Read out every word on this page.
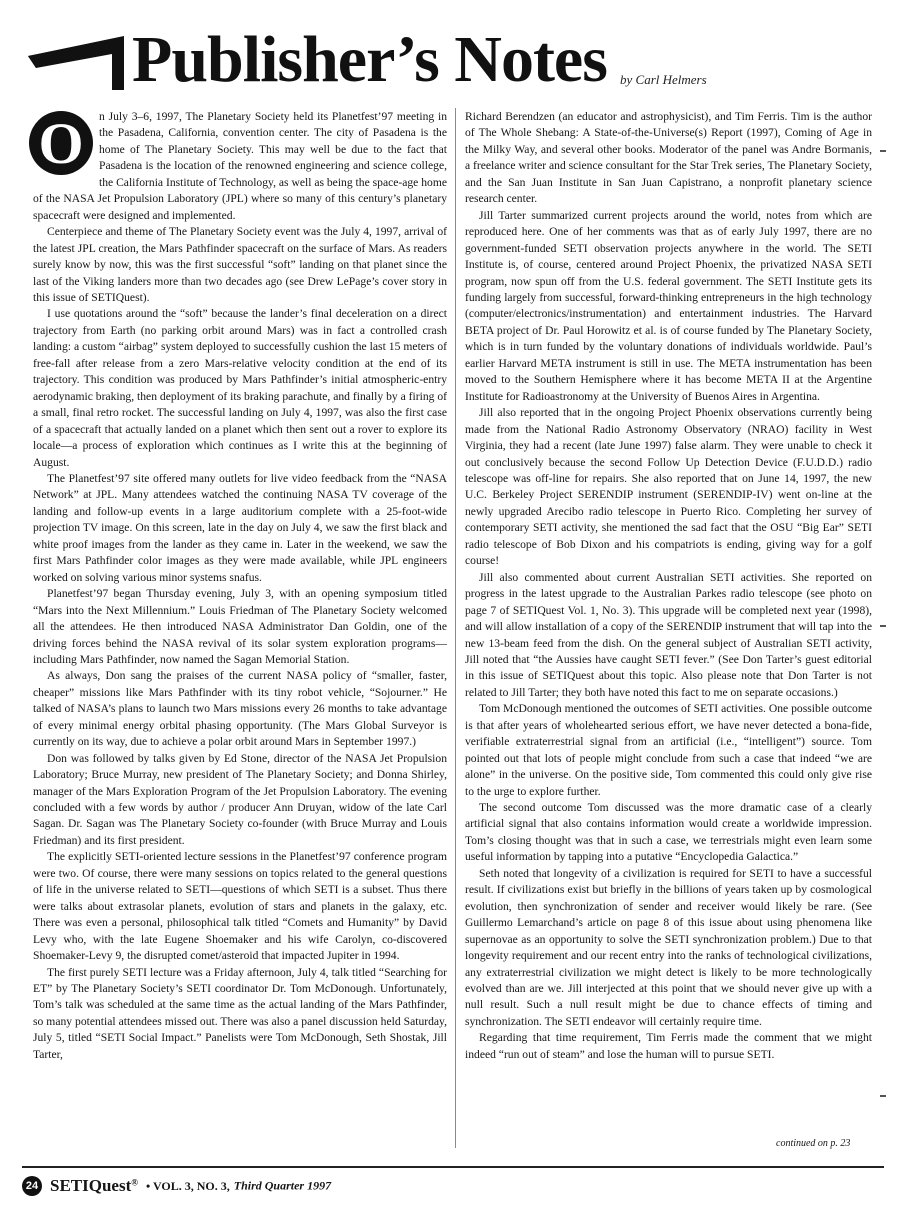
Publisher’s Notes by Carl Helmers

O	n July 3–6, 1997, The Planetary Society held its Planetfest’97 meeting in the Pasadena, California, convention center. The city of Pasadena is the home of The Planetary Society. This may well be due to the fact that Pasadena is the location of the renowned engineering and science college, the California Institute of Technology, as well as being the space-age home of the NASA Jet Propulsion Laboratory (JPL) where so many of this century’s planetary spacecraft were designed and implemented.

Centerpiece and theme of The Planetary Society event was the July 4, 1997, arrival of the latest JPL creation, the Mars Pathfinder spacecraft on the surface of Mars. As readers surely know by now, this was the first successful “soft” landing on that planet since the last of the Viking landers more than two decades ago (see Drew LePage’s cover story in this issue of SETIQuest).

I use quotations around the “soft” because the lander’s final deceleration on a direct trajectory from Earth (no parking orbit around Mars) was in fact a controlled crash landing: a custom “airbag” system deployed to successfully cushion the last 15 meters of free-fall after release from a zero Mars-relative velocity condition at the end of its trajectory. This condition was produced by Mars Pathfinder’s initial atmospheric-entry aerodynamic braking, then deployment of its braking parachute, and finally by a firing of a small, final retro rocket. The successful landing on July 4, 1997, was also the first case of a spacecraft that actually landed on a planet which then sent out a rover to explore its locale—a process of exploration which continues as I write this at the beginning of August.

The Planetfest’97 site offered many outlets for live video feedback from the “NASA Network” at JPL. Many attendees watched the continuing NASA TV coverage of the landing and follow-up events in a large auditorium complete with a 25-foot-wide projection TV image. On this screen, late in the day on July 4, we saw the first black and white proof images from the lander as they came in. Later in the weekend, we saw the first Mars Pathfinder color images as they were made available, while JPL engineers worked on solving various minor systems snafus.

Planetfest’97 began Thursday evening, July 3, with an opening symposium titled “Mars into the Next Millennium.” Louis Friedman of The Planetary Society welcomed all the attendees. He then introduced NASA Administrator Dan Goldin, one of the driving forces behind the NASA revival of its solar system exploration programs—including Mars Pathfinder, now named the Sagan Memorial Station.

As always, Don sang the praises of the current NASA policy of “smaller, faster, cheaper” missions like Mars Pathfinder with its tiny robot vehicle, “Sojourner.” He talked of NASA’s plans to launch two Mars missions every 26 months to take advantage of every minimal energy orbital phasing opportunity. (The Mars Global Surveyor is currently on its way, due to achieve a polar orbit around Mars in September 1997.)

Don was followed by talks given by Ed Stone, director of the NASA Jet Propulsion Laboratory; Bruce Murray, new president of The Planetary Society; and Donna Shirley, manager of the Mars Exploration Program of the Jet Propulsion Laboratory. The evening concluded with a few words by author / producer Ann Druyan, widow of the late Carl Sagan. Dr. Sagan was The Planetary Society co-founder (with Bruce Murray and Louis Friedman) and its first president.

The explicitly SETI-oriented lecture sessions in the Planetfest’97 conference program were two. Of course, there were many sessions on topics related to the general questions of life in the universe related to SETI—questions of which SETI is a subset. Thus there were talks about extrasolar planets, evolution of stars and planets in the galaxy, etc. There was even a personal, philosophical talk titled “Comets and Humanity” by David Levy who, with the late Eugene Shoemaker and his wife Carolyn, co-discovered Shoemaker-Levy 9, the disrupted comet/asteroid that impacted Jupiter in 1994.

The first purely SETI lecture was a Friday afternoon, July 4, talk titled “Searching for ET” by The Planetary Society’s SETI coordinator Dr. Tom McDonough. Unfortunately, Tom’s talk was scheduled at the same time as the actual landing of the Mars Pathfinder, so many potential attendees missed out. There was also a panel discussion held Saturday, July 5, titled “SETI Social Impact.” Panelists were Tom McDonough, Seth Shostak, Jill Tarter,

Richard Berendzen (an educator and astrophysicist), and Tim Ferris. Tim is the author of The Whole Shebang: A State-of-the-Universe(s) Report (1997), Coming of Age in the Milky Way, and several other books. Moderator of the panel was Andre Bormanis, a freelance writer and science consultant for the Star Trek series, The Planetary Society, and the San Juan Institute in San Juan Capistrano, a nonprofit planetary science research center.

Jill Tarter summarized current projects around the world, notes from which are reproduced here. One of her comments was that as of early July 1997, there are no government-funded SETI observation projects anywhere in the world. The SETI Institute is, of course, centered around Project Phoenix, the privatized NASA SETI program, now spun off from the U.S. federal government. The SETI Institute gets its funding largely from successful, forward-thinking entrepreneurs in the high technology (computer/electronics/instrumentation) and entertainment industries. The Harvard BETA project of Dr. Paul Horowitz et al. is of course funded by The Planetary Society, which is in turn funded by the voluntary donations of individuals worldwide. Paul’s earlier Harvard META instrument is still in use. The META instrumentation has been moved to the Southern Hemisphere where it has become META II at the Argentine Institute for Radioastronomy at the University of Buenos Aires in Argentina.

Jill also reported that in the ongoing Project Phoenix observations currently being made from the National Radio Astronomy Observatory (NRAO) facility in West Virginia, they had a recent (late June 1997) false alarm. They were unable to check it out conclusively because the second Follow Up Detection Device (F.U.D.D.) radio telescope was off-line for repairs. She also reported that on June 14, 1997, the new U.C. Berkeley Project SERENDIP instrument (SERENDIP-IV) went on-line at the newly upgraded Arecibo radio telescope in Puerto Rico. Completing her survey of contemporary SETI activity, she mentioned the sad fact that the OSU “Big Ear” SETI radio telescope of Bob Dixon and his compatriots is ending, giving way for a golf course!

Jill also commented about current Australian SETI activities. She reported on progress in the latest upgrade to the Australian Parkes radio telescope (see photo on page 7 of SETIQuest Vol. 1, No. 3). This upgrade will be completed next year (1998), and will allow installation of a copy of the SERENDIP instrument that will tap into the new 13-beam feed from the dish. On the general subject of Australian SETI activity, Jill noted that “the Aussies have caught SETI fever.” (See Don Tarter’s guest editorial in this issue of SETIQuest about this topic. Also please note that Don Tarter is not related to Jill Tarter; they both have noted this fact to me on separate occasions.)

Tom McDonough mentioned the outcomes of SETI activities. One possible outcome is that after years of wholehearted serious effort, we have never detected a bona-fide, verifiable extraterrestrial signal from an artificial (i.e., “intelligent”) source. Tom pointed out that lots of people might conclude from such a case that indeed “we are alone” in the universe. On the positive side, Tom commented this could only give rise to the urge to explore further.

The second outcome Tom discussed was the more dramatic case of a clearly artificial signal that also contains information would create a worldwide impression. Tom’s closing thought was that in such a case, we terrestrials might even learn some useful information by tapping into a putative “Encyclopedia Galactica.”

Seth noted that longevity of a civilization is required for SETI to have a successful result. If civilizations exist but briefly in the billions of years taken up by cosmological evolution, then synchronization of sender and receiver would likely be rare. (See Guillermo Lemarchand’s article on page 8 of this issue about using phenomena like supernovae as an opportunity to solve the SETI synchronization problem.) Due to that longevity requirement and our recent entry into the ranks of technological civilizations, any extraterrestrial civilization we might detect is likely to be more technologically evolved than are we. Jill interjected at this point that we should never give up with a null result. Such a null result might be due to chance effects of timing and synchronization. The SETI endeavor will certainly require time.

Regarding that time requirement, Tim Ferris made the comment that we might indeed “run out of steam” and lose the human will to pursue SETI.

continued on p. 23
24 SETIQuest® • VOL. 3, NO. 3, Third Quarter 1997
